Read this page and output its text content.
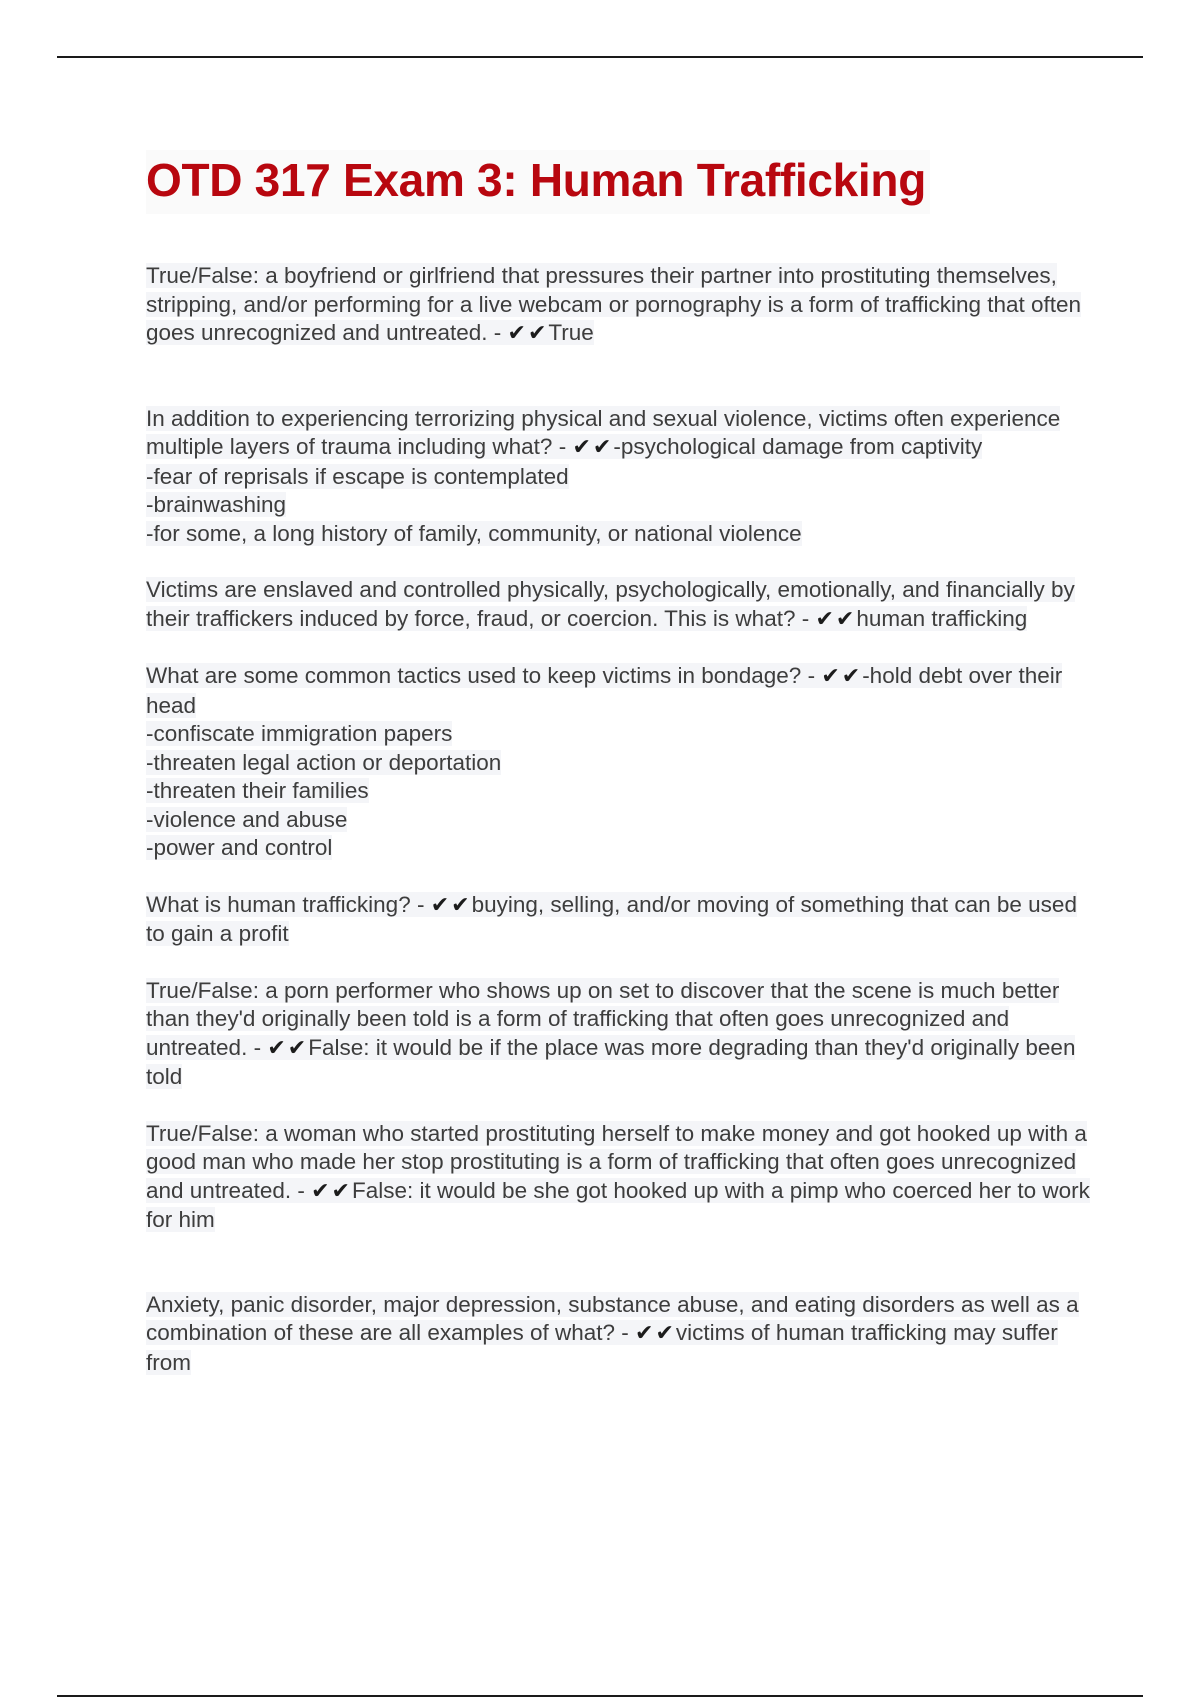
OTD 317 Exam 3: Human Trafficking

True/False: a boyfriend or girlfriend that pressures their partner into prostituting themselves, stripping, and/or performing for a live webcam or pornography is a form of trafficking that often goes unrecognized and untreated. - ✔✔True

In addition to experiencing terrorizing physical and sexual violence, victims often experience multiple layers of trauma including what? - ✔✔-psychological damage from captivity
-fear of reprisals if escape is contemplated
-brainwashing
-for some, a long history of family, community, or national violence

Victims are enslaved and controlled physically, psychologically, emotionally, and financially by their traffickers induced by force, fraud, or coercion. This is what? - ✔✔human trafficking

What are some common tactics used to keep victims in bondage? - ✔✔-hold debt over their head
-confiscate immigration papers
-threaten legal action or deportation
-threaten their families
-violence and abuse
-power and control

What is human trafficking? - ✔✔buying, selling, and/or moving of something that can be used to gain a profit

True/False: a porn performer who shows up on set to discover that the scene is much better than they'd originally been told is a form of trafficking that often goes unrecognized and untreated. - ✔✔False: it would be if the place was more degrading than they'd originally been told

True/False: a woman who started prostituting herself to make money and got hooked up with a good man who made her stop prostituting is a form of trafficking that often goes unrecognized and untreated. - ✔✔False: it would be she got hooked up with a pimp who coerced her to work for him

Anxiety, panic disorder, major depression, substance abuse, and eating disorders as well as a combination of these are all examples of what? - ✔✔victims of human trafficking may suffer from
